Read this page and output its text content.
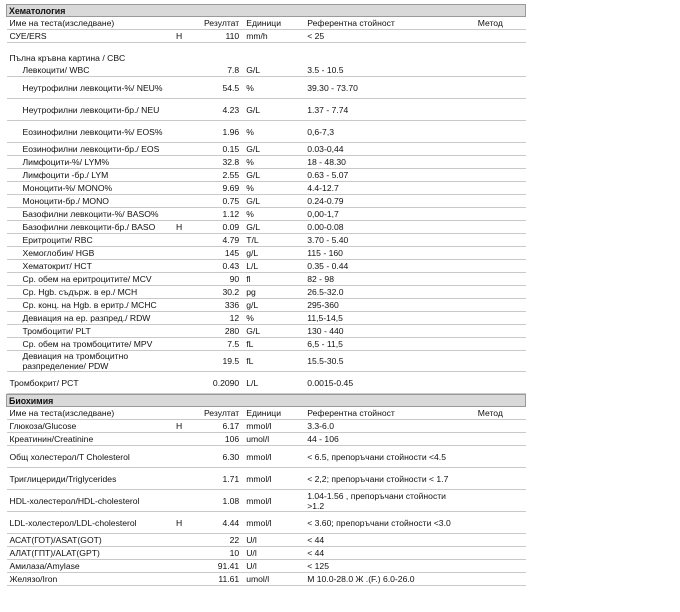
Хематология					
Име на теста(изследване)		Резултат	Единици	Референтна стойност	Метод
СУЕ/ERS	H	110	mm/h	< 25	

Пълна кръвна картина / CBC					
Левкоцити/ WBC		7.8	G/L	3.5 - 10.5	
Неутрофилни левкоцити-%/ NEU%		54.5	%	39.30 - 73.70	
Неутрофилни левкоцити-бр./ NEU		4.23	G/L	1.37 - 7.74	
Еозинофилни левкоцити-%/ EOS%		1.96	%	0,6-7,3	
Еозинофилни левкоцити-бр./ EOS		0.15	G/L	0.03-0,44	
Лимфоцити-%/ LYM%		32.8	%	18 - 48.30	
Лимфоцити -бр./ LYM		2.55	G/L	0.63 - 5.07	
Моноцити-%/ MONO%		9.69	%	4.4-12.7	
Моноцити-бр./ MONO		0.75	G/L	0.24-0.79	
Базофилни левкоцити-%/ BASO%		1.12	%	0,00-1,7	
Базофилни левкоцити-бр./ BASO	H	0.09	G/L	0.00-0.08	
Еритроцити/ RBC		4.79	T/L	3.70 - 5.40	
Хемоглобин/ HGB		145	g/L	115 - 160	
Хематокрит/ HCT		0.43	L/L	0.35 - 0.44	
Ср. обем на еритроцитите/ MCV		90	fl	82 - 98	
Ср. Hgb. съдърж. в ер./ MCH		30.2	pg	26.5-32.0	
Ср. конц. на Hgb. в еритр./ MCHC		336	g/L	295-360	
Девиация на ер. разпред./ RDW		12	%	11,5-14,5	
Тромбоцити/ PLT		280	G/L	130 - 440	
Ср. обем на тромбоцитите/ MPV		7.5	fL	6,5 - 11,5	
Девиация на тромбоцитно разпределение/ PDW		19.5	fL	15.5-30.5	
Тромбокрит/ PCT		0.2090	L/L	0.0015-0.45	
Биохимия					
Име на теста(изследване)		Резултат	Единици	Референтна стойност	Метод
Глюкоза/Glucose	H	6.17	mmol/l	3.3-6.0	
Креатинин/Creatinine		106	umol/l	44 - 106	
Общ холестерол/T Cholesterol		6.30	mmol/l	< 6.5, препоръчани стойности <4.5	
Триглицериди/Triglycerides		1.71	mmol/l	< 2,2; препоръчани стойности < 1.7	
HDL-холестерол/HDL-cholesterol		1.08	mmol/l	1.04-1.56 , препоръчани стойности >1.2	
LDL-холестерол/LDL-cholesterol	H	4.44	mmol/l	< 3.60; препоръчани стойности <3.0	
АСАТ(ГОТ)/ASAT(GOT)		22	U/l	< 44	
АЛАТ(ГПТ)/ALAT(GPT)		10	U/l	< 44	
Амилаза/Amylase		91.41	U/l	< 125	
Желязо/Iron		11.61	umol/l	М 10.0-28.0 Ж .(F.) 6.0-26.0	
